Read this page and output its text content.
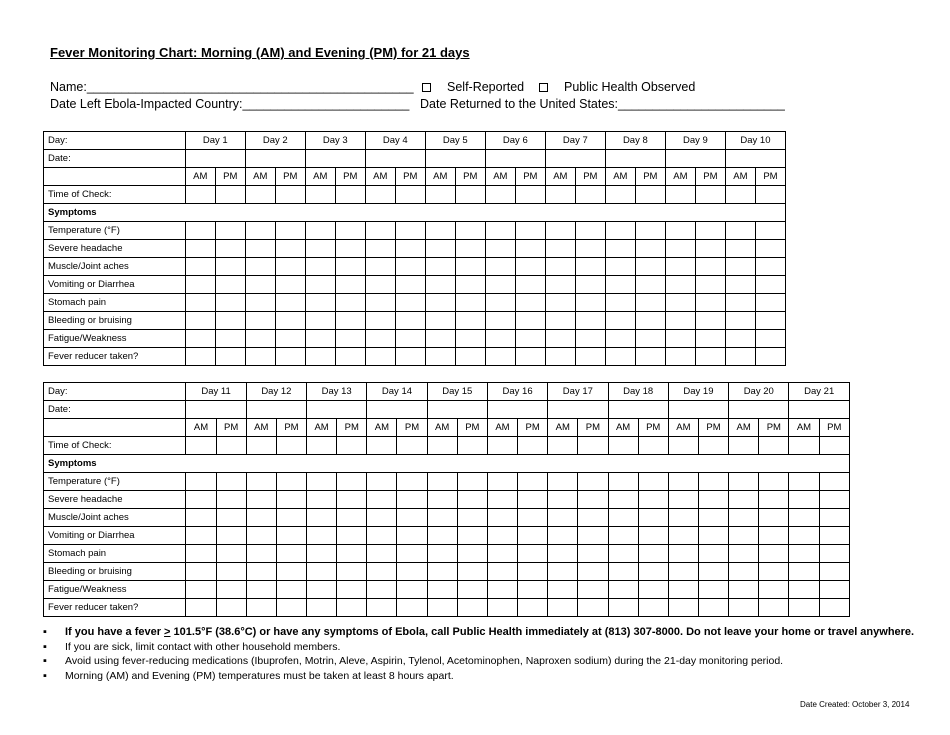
Fever Monitoring Chart: Morning (AM) and Evening (PM) for 21 days
Name:_______________________________________________
Date Left Ebola-Impacted Country:________________________
Self-Reported	Public Health Observed
Date Returned to the United States:________________________
Day:	Day 1		Day 2		Day 3		Day 4		Day 5		Day 6		Day 7		Day 8		Day 9		Day 10	
Date:																				
	AM	PM	AM	PM	AM	PM	AM	PM	AM	PM	AM	PM	AM	PM	AM	PM	AM	PM	AM	PM
Time of Check:																				
Symptoms																				
Temperature (°F)																				
Severe headache																				
Muscle/Joint aches																				
Vomiting or Diarrhea																				
Stomach pain																				
Bleeding or bruising																				
Fatigue/Weakness																				
Fever reducer taken?																				
Day:	Day 11		Day 12		Day 13		Day 14		Day 15		Day 16		Day 17		Day 18		Day 19		Day 20		Day 21	
Date:																						
	AM	PM	AM	PM	AM	PM	AM	PM	AM	PM	AM	PM	AM	PM	AM	PM	AM	PM	AM	PM	AM	PM
Time of Check:																						
Symptoms																						
Temperature (°F)																						
Severe headache																						
Muscle/Joint aches																						
Vomiting or Diarrhea																						
Stomach pain																						
Bleeding or bruising																						
Fatigue/Weakness																						
Fever reducer taken?																						
▪ If you have a fever ≥ 101.5°F (38.6°C) or have any symptoms of Ebola, call Public Health immediately at (813) 307-8000. Do not leave your home or travel anywhere.
▪ If you are sick, limit contact with other household members.
▪ Avoid using fever-reducing medications (Ibuprofen, Motrin, Aleve, Aspirin, Tylenol, Acetominophen, Naproxen sodium) during the 21-day monitoring period.
▪ Morning (AM) and Evening (PM) temperatures must be taken at least 8 hours apart.
Date Created: October 3, 2014
